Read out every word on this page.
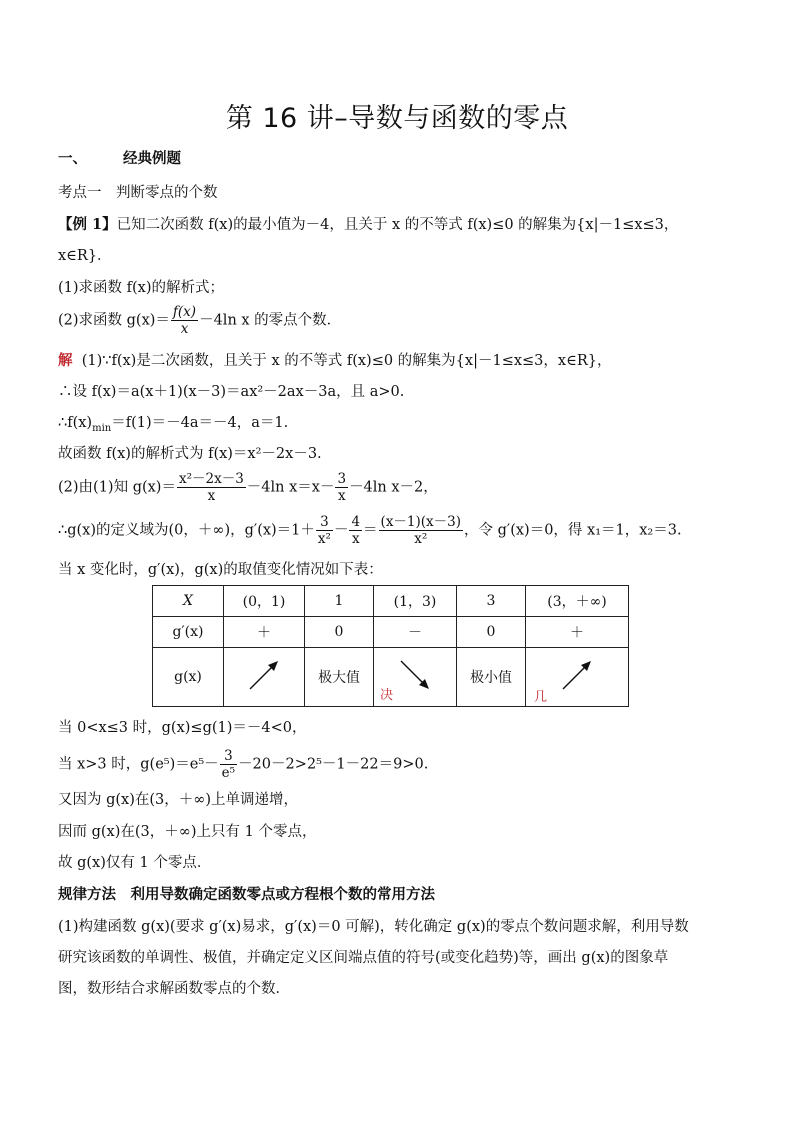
第 16 讲–导数与函数的零点
一、 经典例题
考点一　判断零点的个数
【例 1】已知二次函数 f(x)的最小值为－4，且关于 x 的不等式 f(x)≤0 的解集为{x|－1≤x≤3，
x∈R}．
(1)求函数 f(x)的解析式；
(2)求函数 $g(x)= \frac{f(x)}{x} -4\ln$ x 的零点个数．
解 (1)∵f(x)是二次函数，且关于 x 的不等式 f(x)≤0 的解集为{x|－1≤x≤3，x∈R}，
∴设 f(x)＝a(x＋1)(x－3)＝ax²－2ax－3a，且 a>0.
$\therefore f(x)_{min}=f(1)=-4a=-4$，a＝1.
故函数 f(x)的解析式为 f(x)＝x²－2x－3.
(2)由(1)知 $g(x)= \frac{\text{x²－2x－3}}{x} -4\ln$ $x=x- \frac{3}{x} -4\ln$ x－2，
∴g(x)的定义域为(0，＋∞)，$g'(x)=1+ \frac{3}{\text{x²}} - \frac{4}{x} = \frac{(x-1)(x-3)}{\text{x²}}$ ，令 g′(x)＝0，得 x₁＝1，x₂＝3.
当 x 变化时，g′(x)，g(x)的取值变化情况如下表：
X	(0，1)	1	(1，3)	3	(3，＋∞)
g′(x)	＋	0	－	0	＋
g(x)		极大值	决	极小值	几
当 0<x≤3 时，g(x)≤g(1)＝－4<0，
当 x>3 时，$g(e^5)=e^5- \frac{3}{\text{e⁵}} -20-2>2^5-1-22=9>0$.
又因为 g(x)在(3，＋∞)上单调递增，
因而 g(x)在(3，＋∞)上只有 1 个零点，
故 g(x)仅有 1 个零点．
规律方法　利用导数确定函数零点或方程根个数的常用方法
(1)构建函数 g(x)(要求 g′(x)易求，g′(x)＝0 可解)，转化确定 g(x)的零点个数问题求解，利用导数
研究该函数的单调性、极值，并确定定义区间端点值的符号(或变化趋势)等，画出 g(x)的图象草
图，数形结合求解函数零点的个数．
